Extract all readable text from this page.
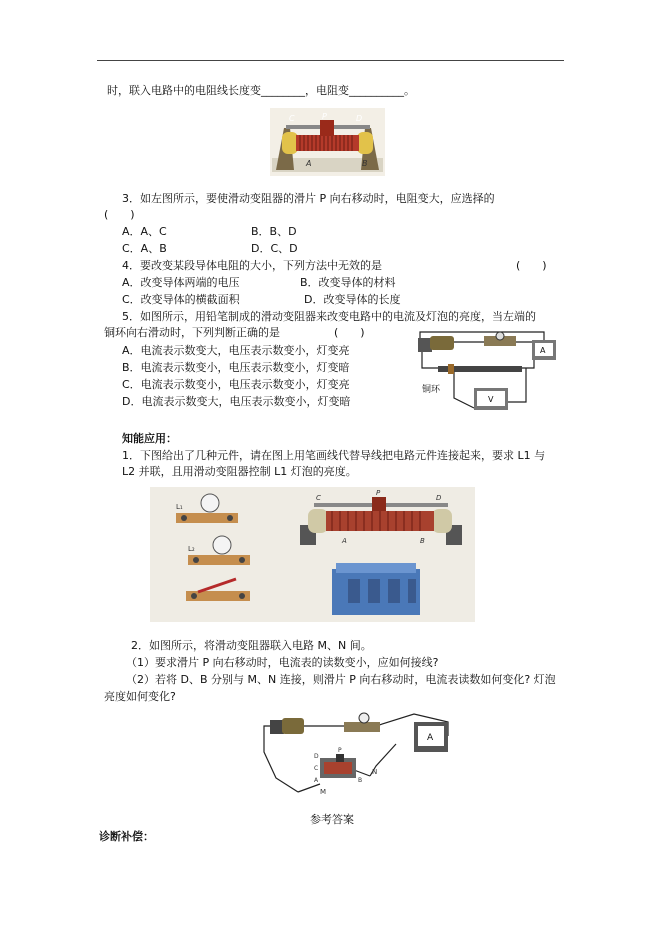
时，联入电路中的电阻线长度变________，电阻变__________。
C	P	D
A	B
3．如左图所示，要使滑动变阻器的滑片 P 向右移动时，电阻变大，应选择的
(　　)
A．A、C	B．B、D
C．A、B	D．C、D
4．要改变某段导体电阻的大小，下列方法中无效的是	(　　)
A．改变导体两端的电压	B．改变导体的材料
C．改变导体的横截面积	D．改变导体的长度
5．如图所示，用铅笔制成的滑动变阻器来改变电路中的电流及灯泡的亮度，当左端的
铜环向右滑动时，下列判断正确的是	(　　)
A．电流表示数变大，电压表示数变小，灯变亮
B．电流表示数变小，电压表示数变小，灯变暗
C．电流表示数变小，电压表示数变小，灯变亮
D．电流表示数变大，电压表示数变小，灯变暗
A
铜环
V
知能应用：
1．下图给出了几种元件，请在图上用笔画线代替导线把电路元件连接起来，要求 L1 与
L2 并联，且用滑动变阻器控制 L1 灯泡的亮度。
L₁
L₂
C
P
D
A	B
2．如图所示，将滑动变阻器联入电路 M、N 间。
（1）要求滑片 P 向右移动时，电流表的读数变小，应如何接线?
（2）若将 D、B 分别与 M、N 连接，则滑片 P 向右移动时，电流表读数如何变化? 灯泡
亮度如何变化?
A
D
C
A	B
P
M
N
参考答案
诊断补偿：
